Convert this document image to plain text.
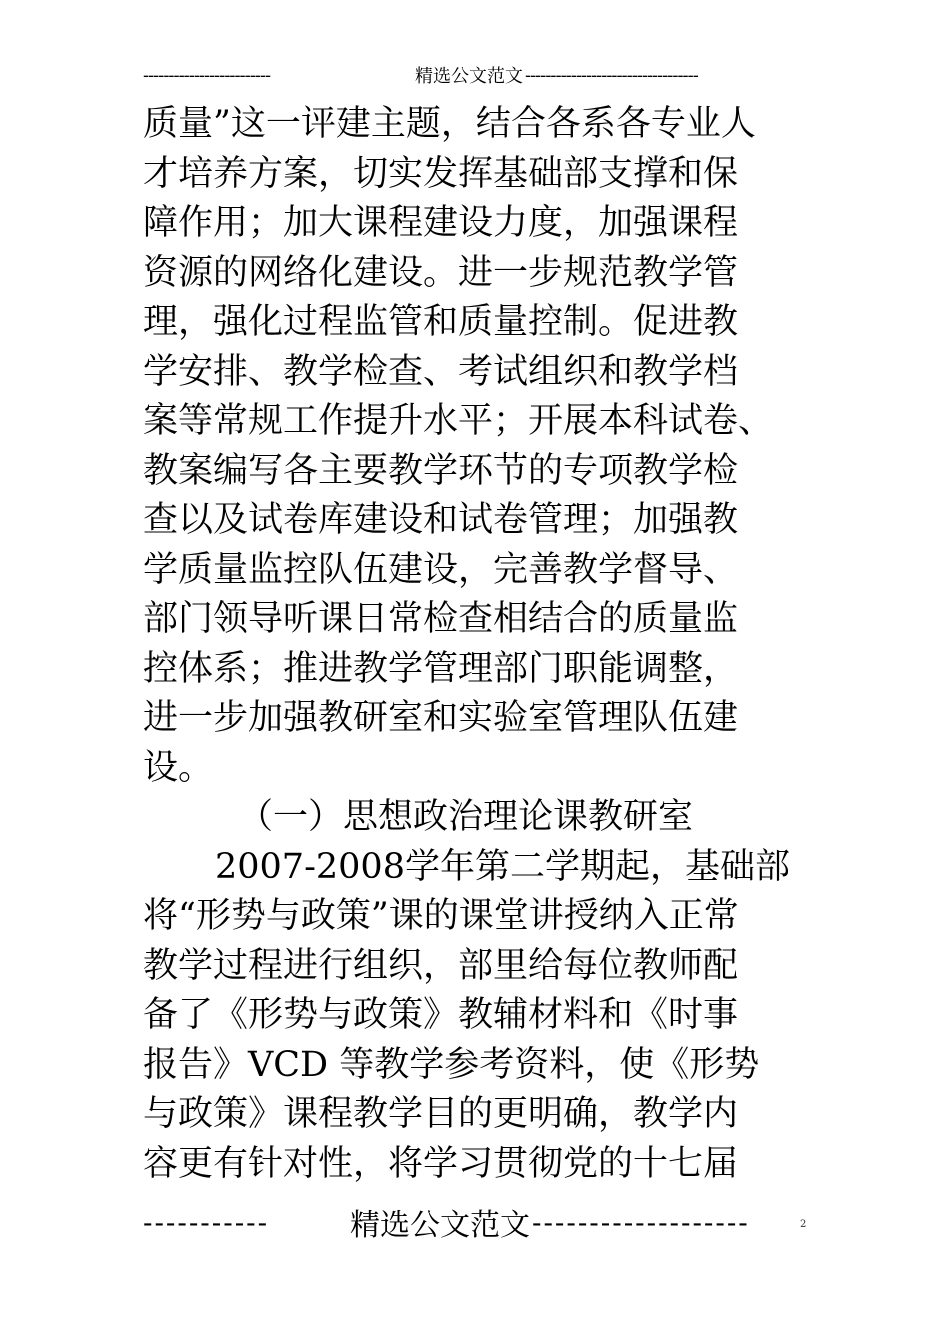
-------------------------	精选公文范文 ----------------------------------
质量”这一评建主题，结合各系各专业人
才培养方案，切实发挥基础部支撑和保
障作用；加大课程建设力度，加强课程
资源的网络化建设。进一步规范教学管
理，强化过程监管和质量控制。促进教
学安排、教学检查、考试组织和教学档
案等常规工作提升水平；开展本科试卷、
教案编写各主要教学环节的专项教学检
查以及试卷库建设和试卷管理；加强教
学质量监控队伍建设，完善教学督导、
部门领导听课日常检查相结合的质量监
控体系；推进教学管理部门职能调整，
进一步加强教研室和实验室管理队伍建
设。
（一）思想政治理论课教研室
2007-2008学年第二学期起，基础部
将“形势与政策”课的课堂讲授纳入正常
教学过程进行组织，部里给每位教师配
备了《形势与政策》教辅材料和《时事
报告》VCD 等教学参考资料，使《形势
与政策》课程教学目的更明确，教学内
容更有针对性，将学习贯彻党的十七届
-----------	精选公文范文 -------------------	2
